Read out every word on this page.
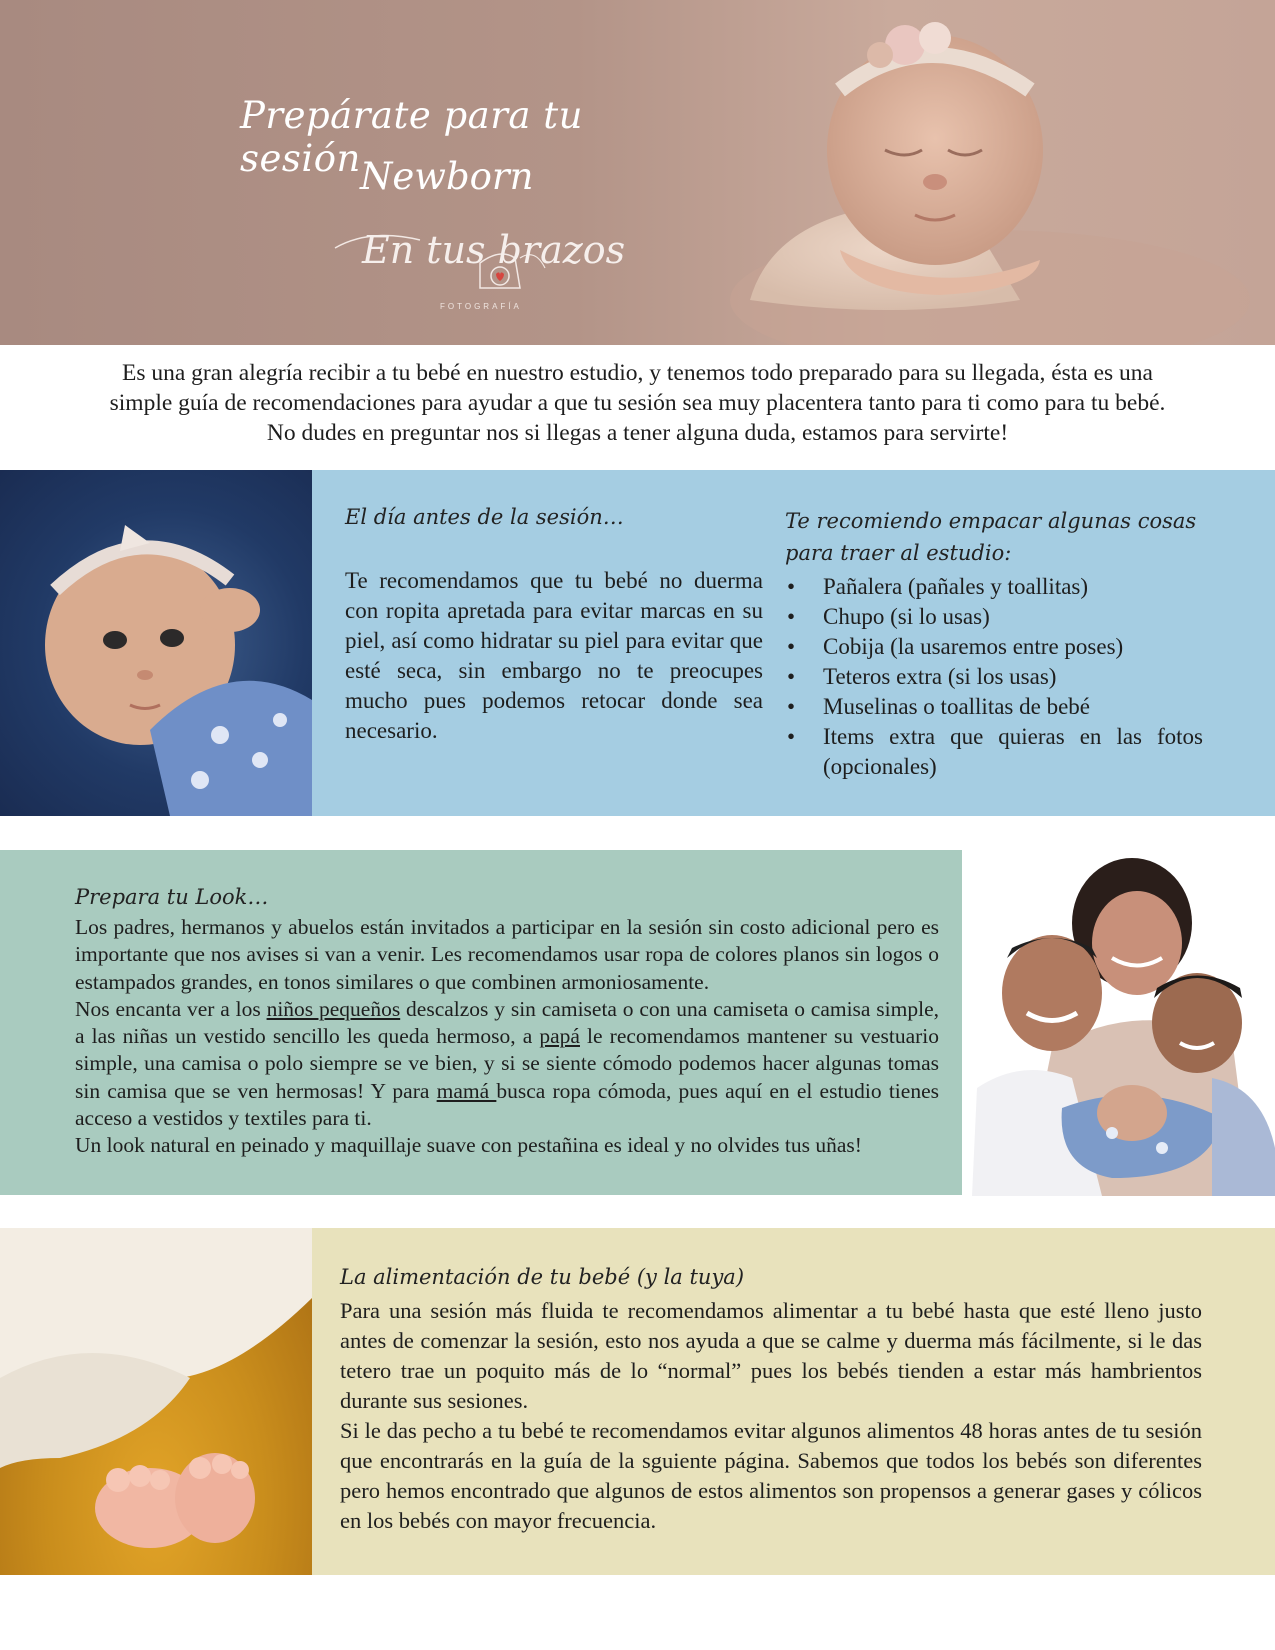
Prepárate para tu sesión Newborn
En tus brazos
FOTOGRAFÍA

Es una gran alegría recibir a tu bebé en nuestro estudio, y tenemos todo preparado para su llegada, ésta es una

simple guía de recomendaciones para ayudar a que tu sesión sea muy placentera tanto para ti como para tu bebé.

No dudes en preguntar nos si llegas a tener alguna duda, estamos para servirte!

El día antes de la sesión…

Te recomendamos que tu bebé no duerma con ropita apretada para evitar marcas en su piel, así como hidratar su piel para evitar que esté seca, sin embargo no te preocupes mucho pues podemos retocar donde sea necesario.

Te recomiendo empacar algunas cosas para traer al estudio:
• Pañalera (pañales y toallitas)
• Chupo (si lo usas)
• Cobija (la usaremos entre poses)
• Teteros extra (si los usas)
• Muselinas o toallitas de bebé
• Items extra que quieras en las fotos (opcionales)
Prepara tu Look…

Los padres, hermanos y abuelos están invitados a participar en la sesión sin costo adicional pero es importante que nos avises si van a venir. Les recomendamos usar ropa de colores planos sin logos o estampados grandes, en tonos similares o que combinen armoniosamente.

Nos encanta ver a los niños pequeños descalzos y sin camiseta o con una camiseta o camisa simple, a las niñas un vestido sencillo les queda hermoso, a papá le recomendamos mantener su vestuario simple, una camisa o polo siempre se ve bien, y si se siente cómodo podemos hacer algunas tomas sin camisa que se ven hermosas! Y para mamá busca ropa cómoda, pues aquí en el estudio tienes acceso a vestidos y textiles para ti.

Un look natural en peinado y maquillaje suave con pestañina es ideal y no olvides tus uñas!

La alimentación de tu bebé (y la tuya)

Para una sesión más fluida te recomendamos alimentar a tu bebé hasta que esté lleno justo antes de comenzar la sesión, esto nos ayuda a que se calme y duerma más fácilmente, si le das tetero trae un poquito más de lo “normal” pues los bebés tienden a estar más hambrientos durante sus sesiones.

Si le das pecho a tu bebé te recomendamos evitar algunos alimentos 48 horas antes de tu sesión que encontrarás en la guía de la sguiente página. Sabemos que todos los bebés son diferentes pero hemos encontrado que algunos de estos alimentos son propensos a generar gases y cólicos en los bebés con mayor frecuencia.
